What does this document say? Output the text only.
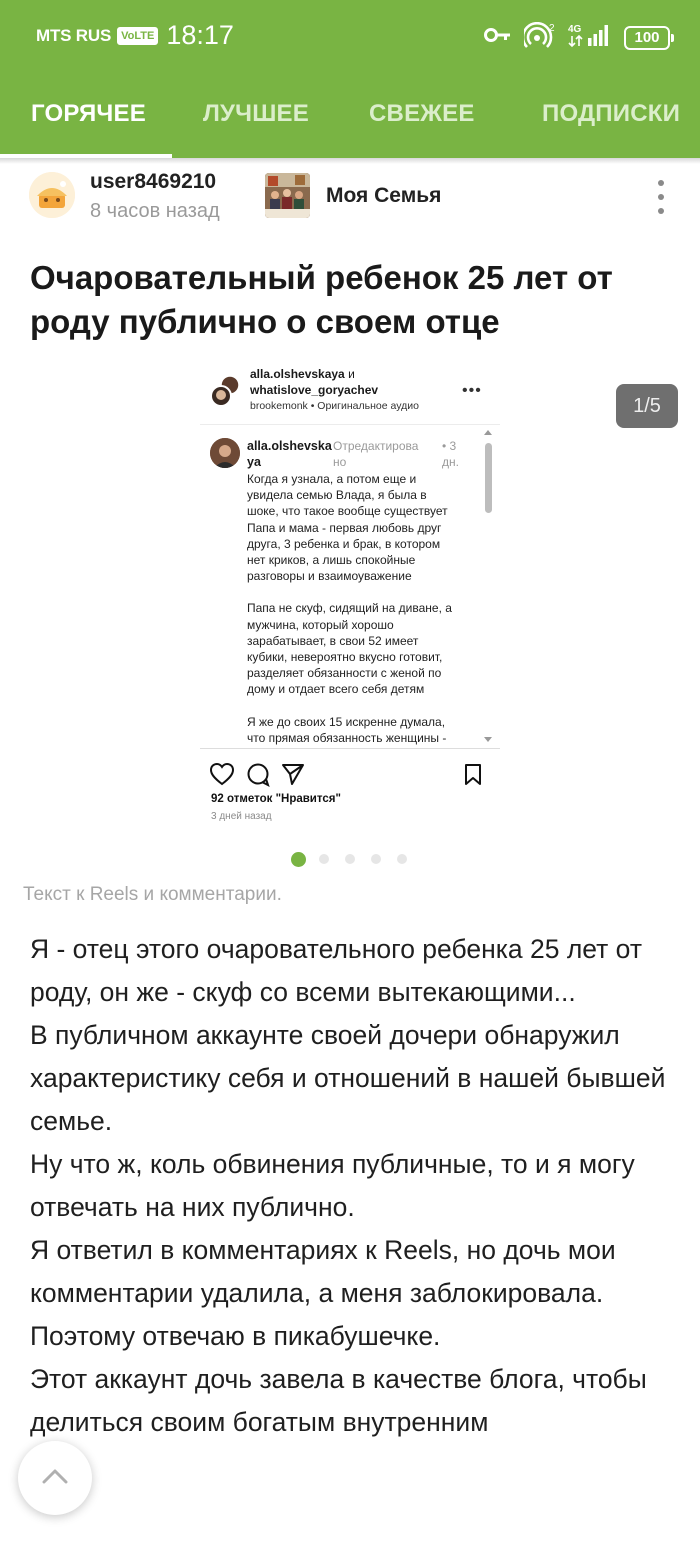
MTS RUS VoLTE 18:17	2 4G	100
ГОРЯЧЕЕ ЛУЧШЕЕ	СВЕЖЕЕ	ПОДПИСКИ
user8469210
8 часов назад
Моя Семья
Очаровательный ребенок 25 лет от роду публично о своем отце
alla.olshevskaya и
whatislove_goryachev
brookemonk • Оригинальное аудио
•••
alla.olshevska ya
Отредактирова но
• 3 дн.

Когда я узнала, а потом еще и увидела семью Влада, я была в шоке, что такое вообще существует Папа и мама - первая любовь друг друга, 3 ребенка и брак, в котором нет криков, а лишь спокойные разговоры и взаимоуважение

Папа не скуф, сидящий на диване, а мужчина, который хорошо зарабатывает, в свои 52 имеет кубики, невероятно вкусно готовит, разделяет обязанности с женой по дому и отдает всего себя детям

Я же до своих 15 искренне думала, что прямая обязанность женщины -

92 отметок "Нравится"
3 дней назад
1/5
Текст к Reels и комментарии.

Я - отец этого очаровательного ребенка 25 лет от роду, он же - скуф со всеми вытекающими...

В публичном аккаунте своей дочери обнаружил характеристику себя и отношений в нашей бывшей семье.

Ну что ж, коль обвинения публичные, то и я могу отвечать на них публично.

Я ответил в комментариях к Reels, но дочь мои комментарии удалила, а меня заблокировала. Поэтому отвечаю в пикабушечке.

Этот аккаунт дочь завела в качестве блога, чтобы делиться своим богатым внутренним
